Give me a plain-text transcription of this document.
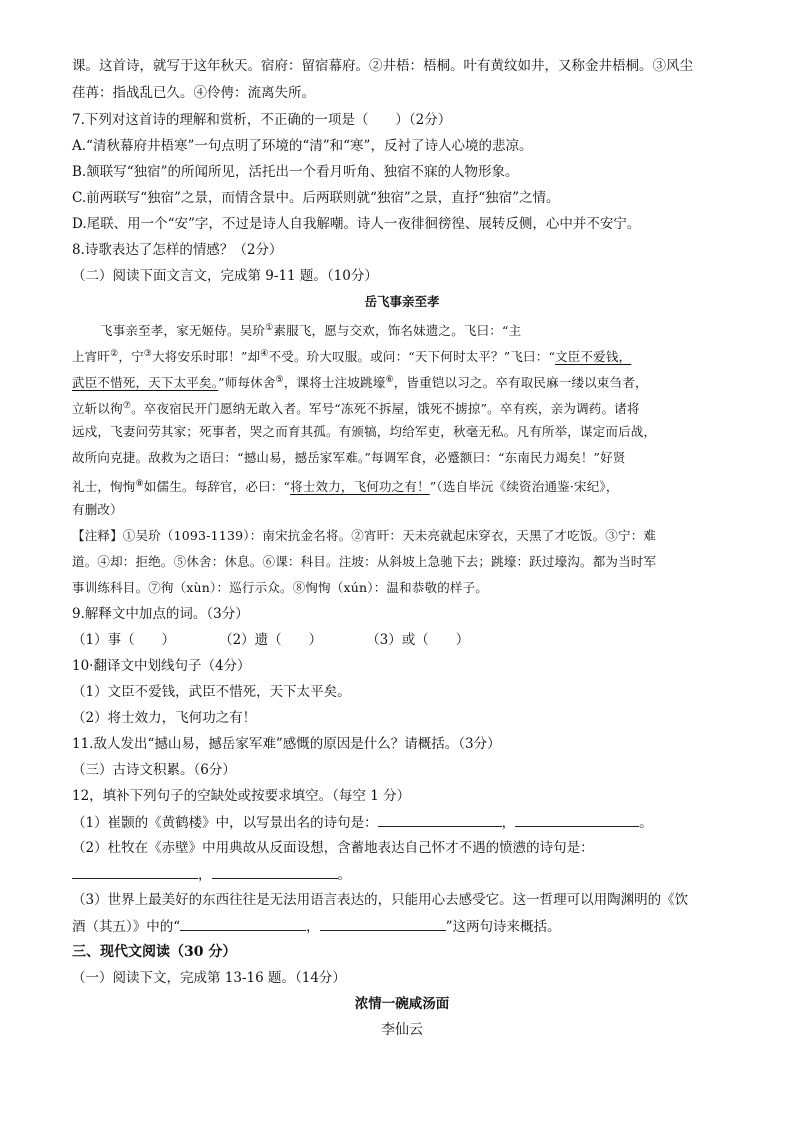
课。这首诗，就写于这年秋天。宿府：留宿幕府。②井梧：梧桐。叶有黄纹如井，又称金井梧桐。③风尘
荏苒：指战乱已久。④伶俜：流离失所。
7.下列对这首诗的理解和赏析，不正确的一项是（　　）（2分）
A.“清秋幕府井梧寒”一句点明了环境的“清”和“寒”，反衬了诗人心境的悲凉。
B.颔联写“独宿”的所闻所见，活托出一个看月听角、独宿不寐的人物形象。
C.前两联写“独宿”之景，而情含景中。后两联则就“独宿”之景，直抒“独宿”之情。
D.尾联、用一个“安”字，不过是诗人自我解嘲。诗人一夜徘徊徬徨、展转反侧，心中并不安宁。
8.诗歌表达了怎样的情感？（2分）
（二）阅读下面文言文，完成第 9-11 题。（10分）
岳飞事亲至孝
飞事亲至孝，家无姬侍。吴玠①素服飞，愿与交欢，饰名妹遗之。飞曰：“主
上宵旰②，宁③大将安乐时耶！”却④不受。玠大叹服。或问：“天下何时太平？”飞曰：“文臣不爱钱，
武臣不惜死，天下太平矣。”师每休舍⑤，课将士注坡跳壕⑥，皆重铠以习之。卒有取民麻一缕以束刍者，
立斩以徇⑦。卒夜宿民开门愿纳无敢入者。军号“冻死不拆屋，饿死不掳掠”。卒有疾，亲为调药。诸将
远戍，飞妻问劳其家；死事者，哭之而育其孤。有颁犒，均给军吏，秋毫无私。凡有所举，谋定而后战，
故所向克捷。敌救为之语曰：“撼山易，撼岳家军难。”每调军食，必蹙额曰：“东南民力竭矣！”好贤
礼士，恂恂⑧如儒生。每辞官，必曰：“将士效力，飞何功之有！”（选自毕沅《续资治通鉴·宋纪》，
有删改）
【注释】①吴玠（1093-1139）：南宋抗金名将。②宵旰：天未亮就起床穿衣，天黑了才吃饭。③宁：难
道。④却：拒绝。⑤休舍：休息。⑥课：科目。注坡：从斜坡上急驰下去；跳壕：跃过壕沟。都为当时军
事训练科目。⑦徇（xùn）：巡行示众。⑧恂恂（xún）：温和恭敬的样子。
9.解释文中加点的词。（3分）
（1）事（　　）	（2）遗（　　）	（3）或（　　）
10·翻译文中划线句子（4分）
（1）文臣不爱钱，武臣不惜死，天下太平矣。
（2）将士效力，飞何功之有！
11.敌人发出“撼山易，撼岳家军难”感慨的原因是什么？请概括。（3分）
（三）古诗文积累。（6分）
12，填补下列句子的空缺处或按要求填空。（每空 1 分）
（1）崔颢的《黄鹤楼》中，以写景出名的诗句是：	，	。
（2）杜牧在《赤壁》中用典故从反面设想，含蓄地表达自己怀才不遇的愤懑的诗句是：
，	。
（3）世界上最美好的东西往往是无法用语言表达的，只能用心去感受它。这一哲理可以用陶渊明的《饮
酒（其五）》中的“	，	”这两句诗来概括。
三、现代文阅读（30 分）
（一）阅读下文，完成第 13-16 题。（14分）
浓情一碗咸汤面
李仙云
